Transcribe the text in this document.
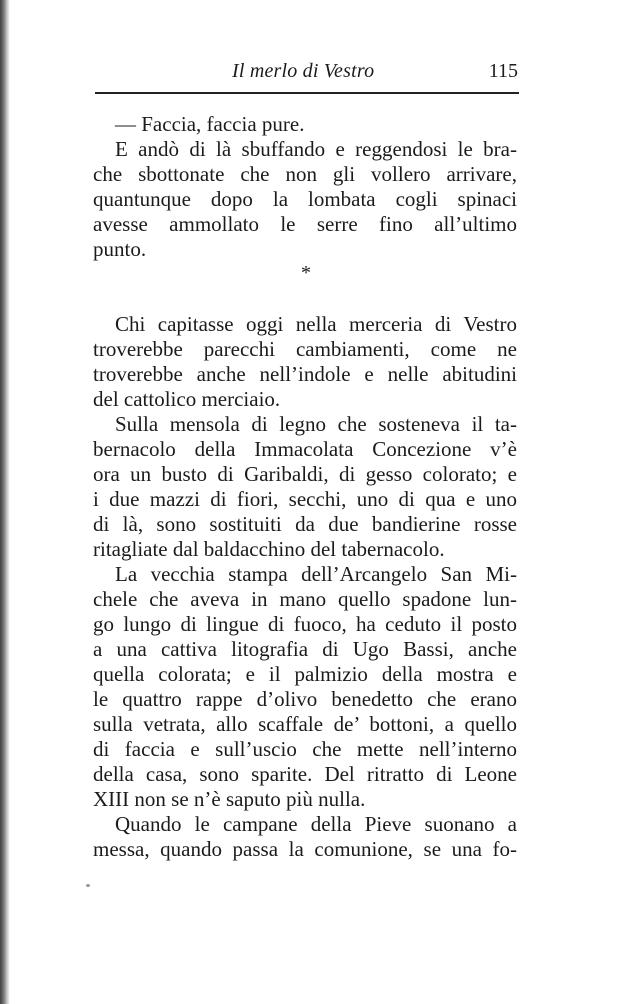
Il merlo di Vestro	115
— Faccia, faccia pure.
E andò di là sbuffando e reggendosi le bra-
che sbottonate che non gli vollero arrivare,
quantunque dopo la lombata cogli spinaci
avesse ammollato le serre fino all’ultimo
punto.
*
Chi capitasse oggi nella merceria di Vestro
troverebbe parecchi cambiamenti, come ne
troverebbe anche nell’indole e nelle abitudini
del cattolico merciaio.
Sulla mensola di legno che sosteneva il ta-
bernacolo della Immacolata Concezione v’è
ora un busto di Garibaldi, di gesso colorato; e
i due mazzi di fiori, secchi, uno di qua e uno
di là, sono sostituiti da due bandierine rosse
ritagliate dal baldacchino del tabernacolo.
La vecchia stampa dell’Arcangelo San Mi-
chele che aveva in mano quello spadone lun-
go lungo di lingue di fuoco, ha ceduto il posto
a una cattiva litografia di Ugo Bassi, anche
quella colorata; e il palmizio della mostra e
le quattro rappe d’olivo benedetto che erano
sulla vetrata, allo scaffale de’ bottoni, a quello
di faccia e sull’uscio che mette nell’interno
della casa, sono sparite. Del ritratto di Leone
XIII non se n’è saputo più nulla.
Quando le campane della Pieve suonano a
messa, quando passa la comunione, se una fo-
